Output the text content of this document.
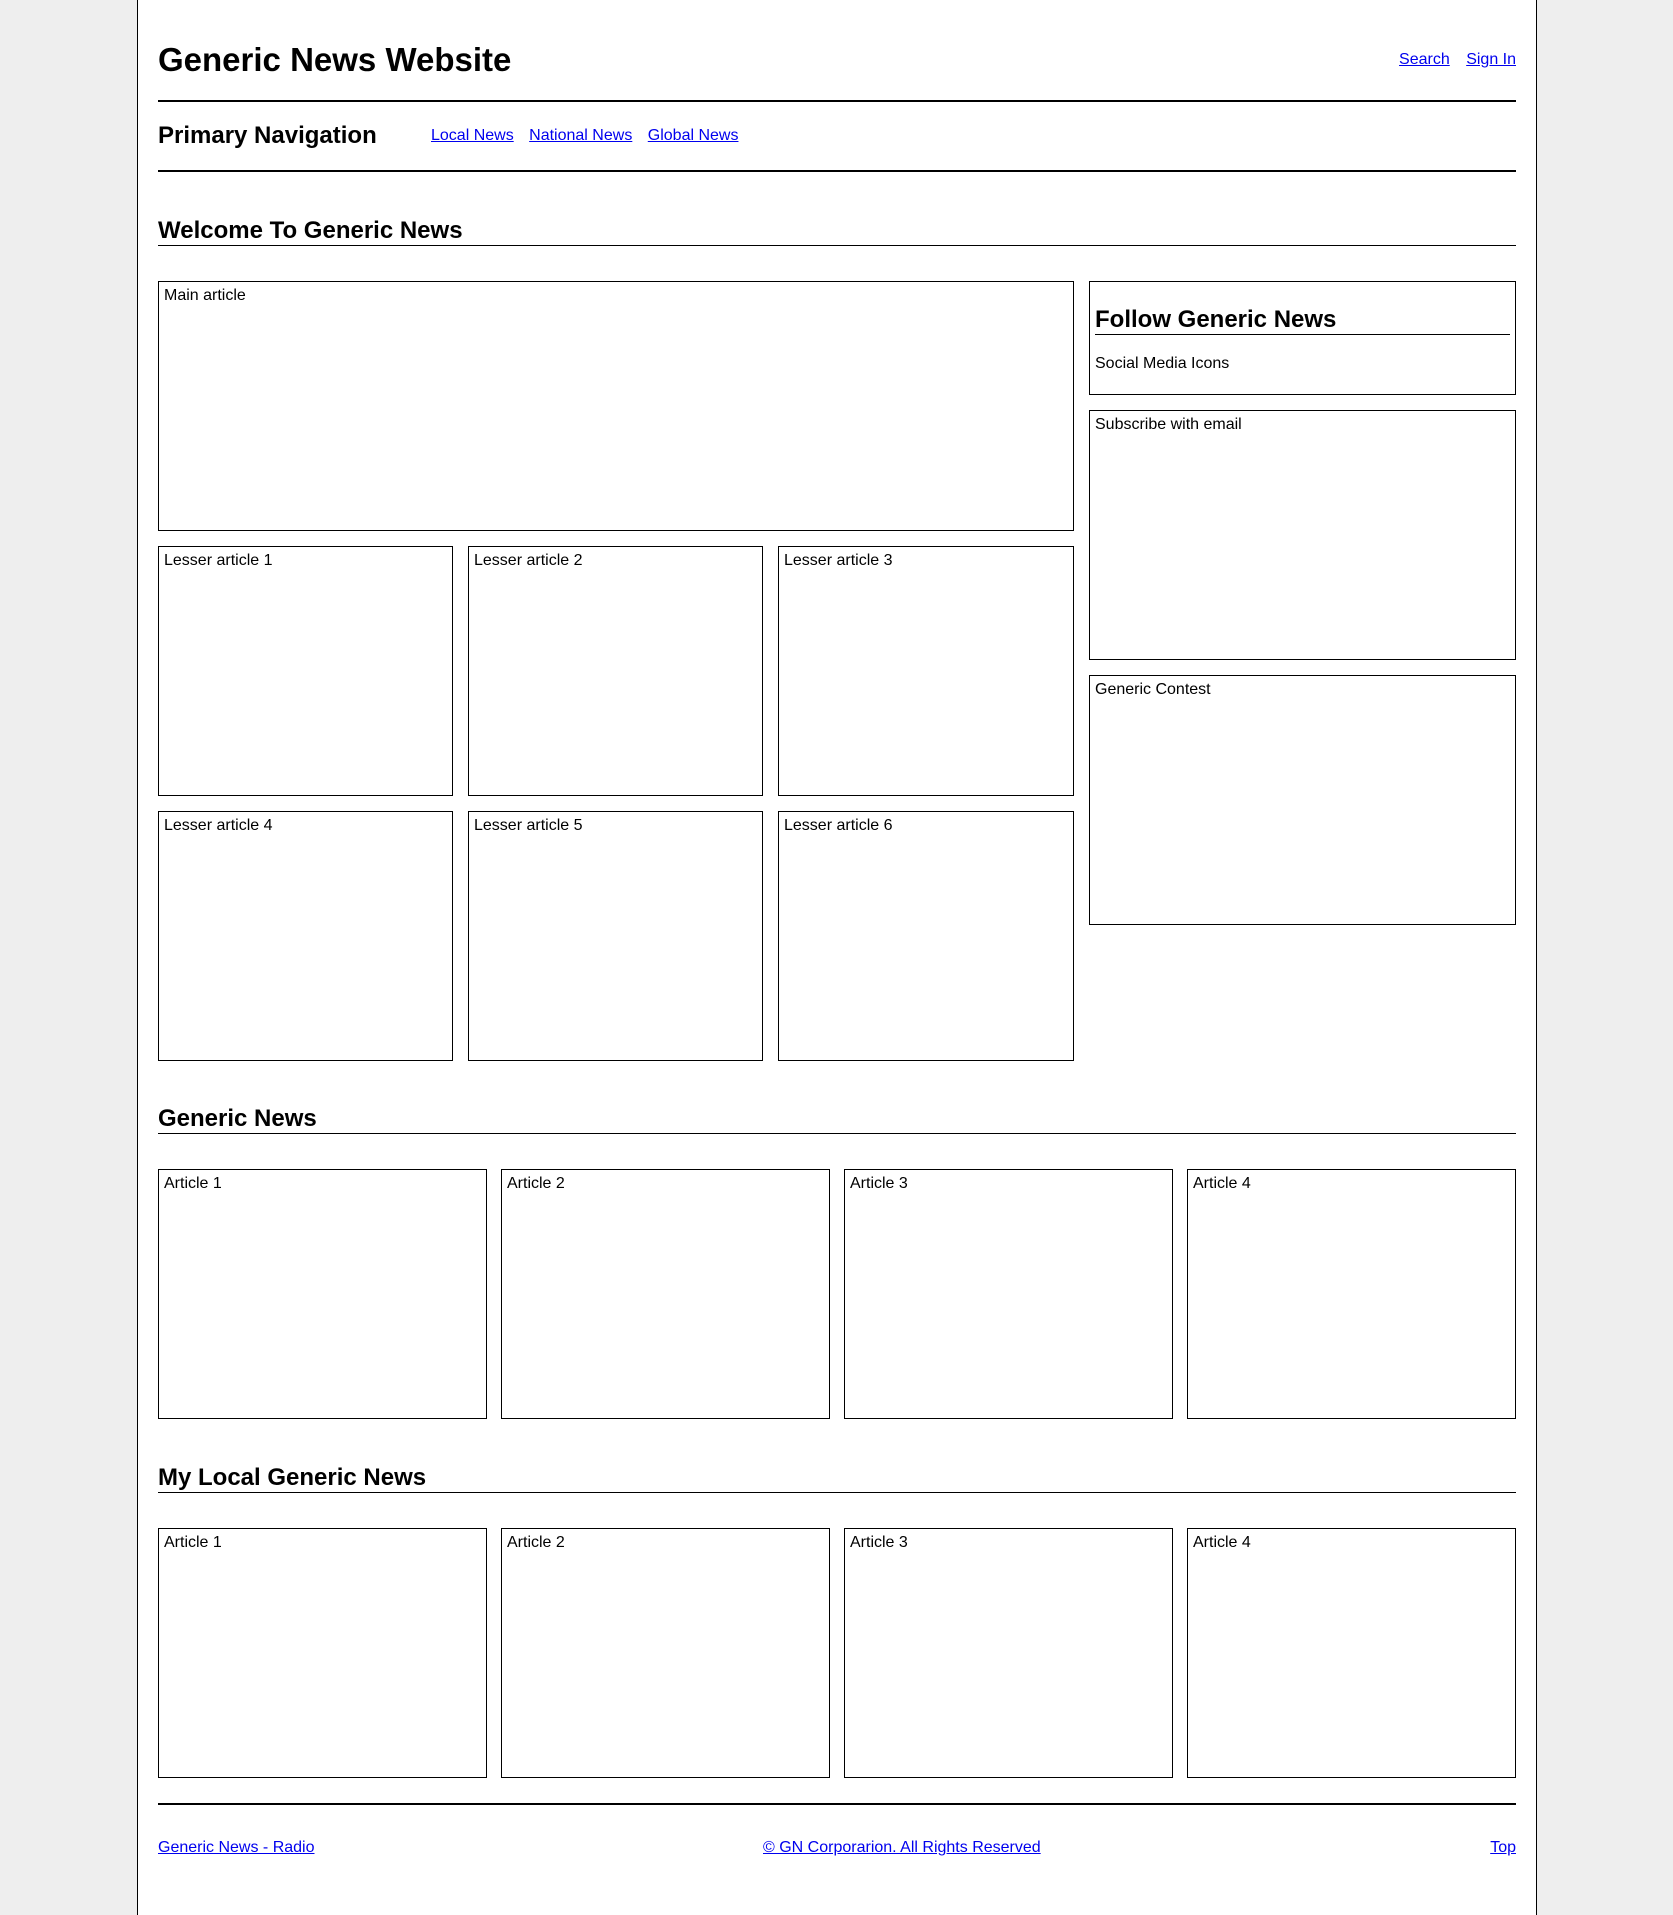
Generic News Website	Search Sign In
Primary Navigation	Local News National News Global News
Welcome To Generic News
Main article
Lesser article 1	Lesser article 2	Lesser article 3
Lesser article 4	Lesser article 5	Lesser article 6
Follow Generic News
Social Media Icons
Subscribe with email
Generic Contest
Generic News
Article 1	Article 2	Article 3	Article 4
My Local Generic News
Article 1	Article 2	Article 3	Article 4
Generic News - Radio	© GN Corporarion. All Rights Reserved	Top
